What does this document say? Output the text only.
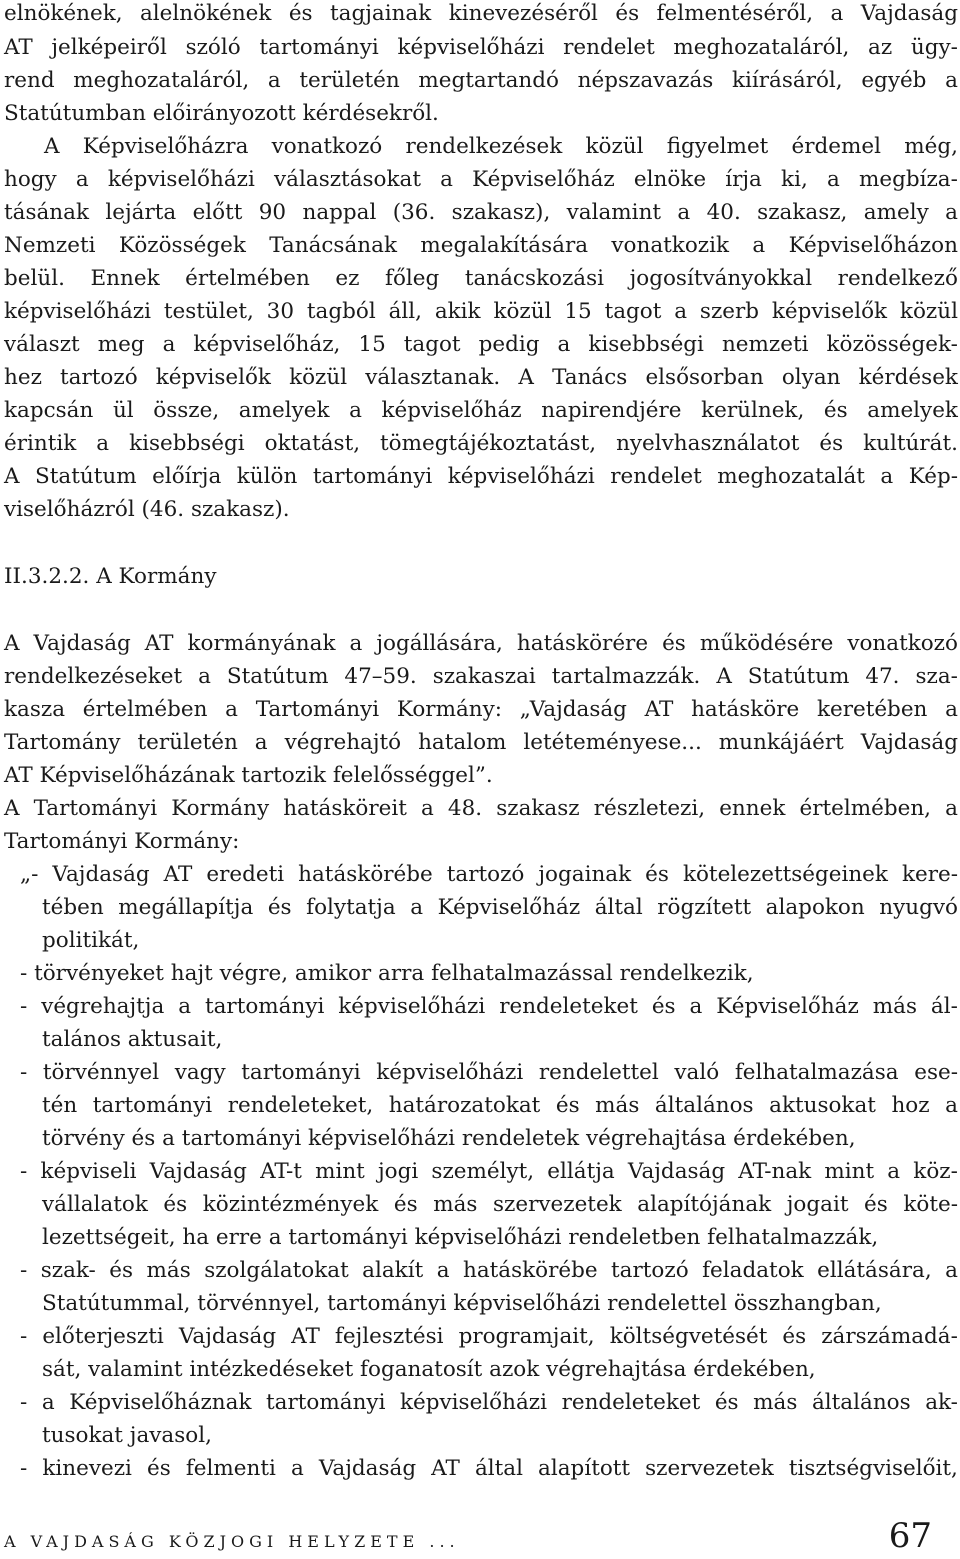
elnökének, alelnökének és tagjainak kinevezéséről és felmentéséről, a Vajdaság
AT jelképeiről szóló tartományi képviselőházi rendelet meghozataláról, az ügy-
rend meghozataláról, a területén megtartandó népszavazás kiírásáról, egyéb a
Statútumban előirányozott kérdésekről.
A Képviselőházra vonatkozó rendelkezések közül figyelmet érdemel még,
hogy a képviselőházi választásokat a Képviselőház elnöke írja ki, a megbíza-
tásának lejárta előtt 90 nappal (36. szakasz), valamint a 40. szakasz, amely a
Nemzeti Közösségek Tanácsának megalakítására vonatkozik a Képviselőházon
belül. Ennek értelmében ez főleg tanácskozási jogosítványokkal rendelkező
képviselőházi testület, 30 tagból áll, akik közül 15 tagot a szerb képviselők közül
választ meg a képviselőház, 15 tagot pedig a kisebbségi nemzeti közösségek-
hez tartozó képviselők közül választanak. A Tanács elsősorban olyan kérdések
kapcsán ül össze, amelyek a képviselőház napirendjére kerülnek, és amelyek
érintik a kisebbségi oktatást, tömegtájékoztatást, nyelvhasználatot és kultúrát.
A Statútum előírja külön tartományi képviselőházi rendelet meghozatalát a Kép-
viselőházról (46. szakasz).
II.3.2.2. A Kormány
A Vajdaság AT kormányának a jogállására, hatáskörére és működésére vonatkozó
rendelkezéseket a Statútum 47–59. szakaszai tartalmazzák. A Statútum 47. sza-
kasza értelmében a Tartományi Kormány: „Vajdaság AT hatásköre keretében a
Tartomány területén a végrehajtó hatalom letéteményese... munkájáért Vajdaság
AT Képviselőházának tartozik felelősséggel”.
A Tartományi Kormány hatásköreit a 48. szakasz részletezi, ennek értelmében, a
Tartományi Kormány:
„- Vajdaság AT eredeti hatáskörébe tartozó jogainak és kötelezettségeinek kere-
tében megállapítja és folytatja a Képviselőház által rögzített alapokon nyugvó
politikát,
- törvényeket hajt végre, amikor arra felhatalmazással rendelkezik,
- végrehajtja a tartományi képviselőházi rendeleteket és a Képviselőház más ál-
talános aktusait,
- törvénnyel vagy tartományi képviselőházi rendelettel való felhatalmazása ese-
tén tartományi rendeleteket, határozatokat és más általános aktusokat hoz a
törvény és a tartományi képviselőházi rendeletek végrehajtása érdekében,
- képviseli Vajdaság AT-t mint jogi személyt, ellátja Vajdaság AT-nak mint a köz-
vállalatok és közintézmények és más szervezetek alapítójának jogait és köte-
lezettségeit, ha erre a tartományi képviselőházi rendeletben felhatalmazzák,
- szak- és más szolgálatokat alakít a hatáskörébe tartozó feladatok ellátására, a
Statútummal, törvénnyel, tartományi képviselőházi rendelettel összhangban,
- előterjeszti Vajdaság AT fejlesztési programjait, költségvetését és zárszámadá-
sát, valamint intézkedéseket foganatosít azok végrehajtása érdekében,
- a Képviselőháznak tartományi képviselőházi rendeleteket és más általános ak-
tusokat javasol,
- kinevezi és felmenti a Vajdaság AT által alapított szervezetek tisztségviselőit,
A VAJDASÁG KÖZJOGI HELYZETE ...	67
